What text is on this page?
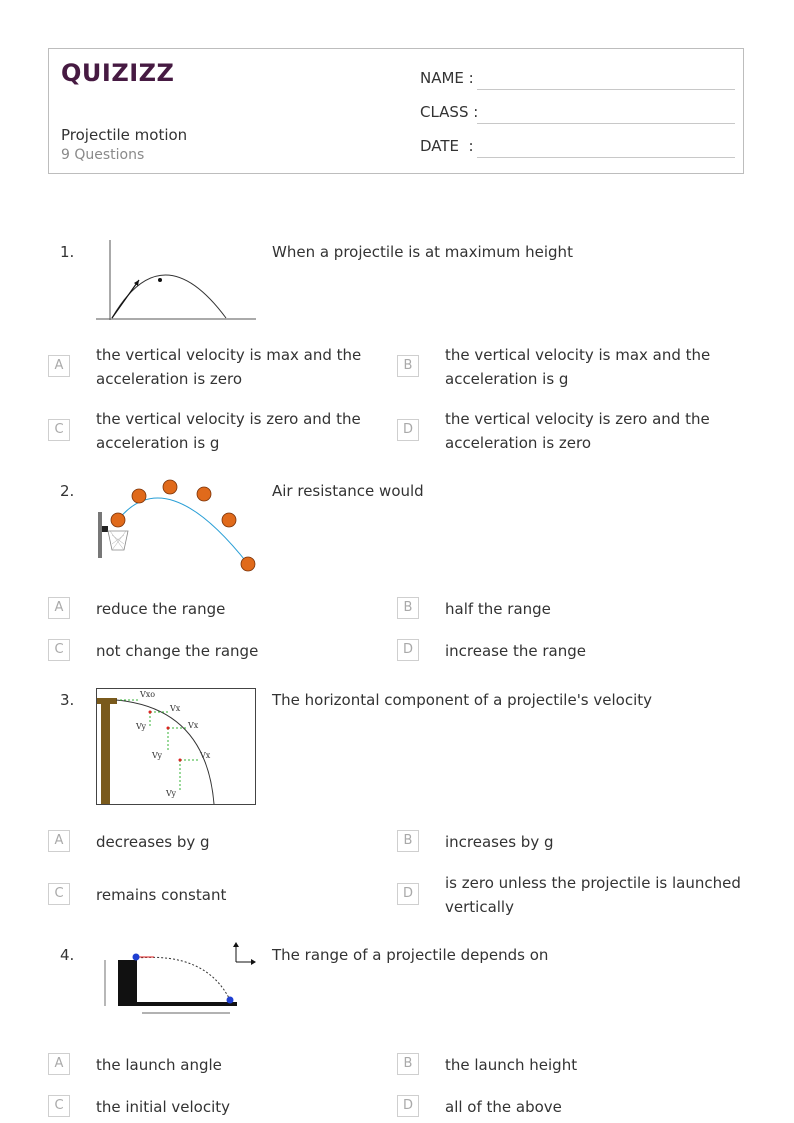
QUIZIZZ
Projectile motion
9 Questions
NAME :
CLASS :
DATE  :
1.	When a projectile is at maximum height
A
the vertical velocity is max and the acceleration is zero
B
the vertical velocity is max and the acceleration is g
C
the vertical velocity is zero and the acceleration is g
D
the vertical velocity is zero and the acceleration is zero
2.	Air resistance would
A	reduce the range	B	half the range
C	not change the range	D	increase the range
3.	Vxo
Vx
Vy	Vx
Vy	Vx
Vy
The horizontal component of a projectile's velocity
A	decreases by g	B	increases by g
C	remains constant	D
is zero unless the projectile is launched vertically
4.	The range of a projectile depends on
A	the launch angle	B	the launch height
C	the initial velocity	D	all of the above
